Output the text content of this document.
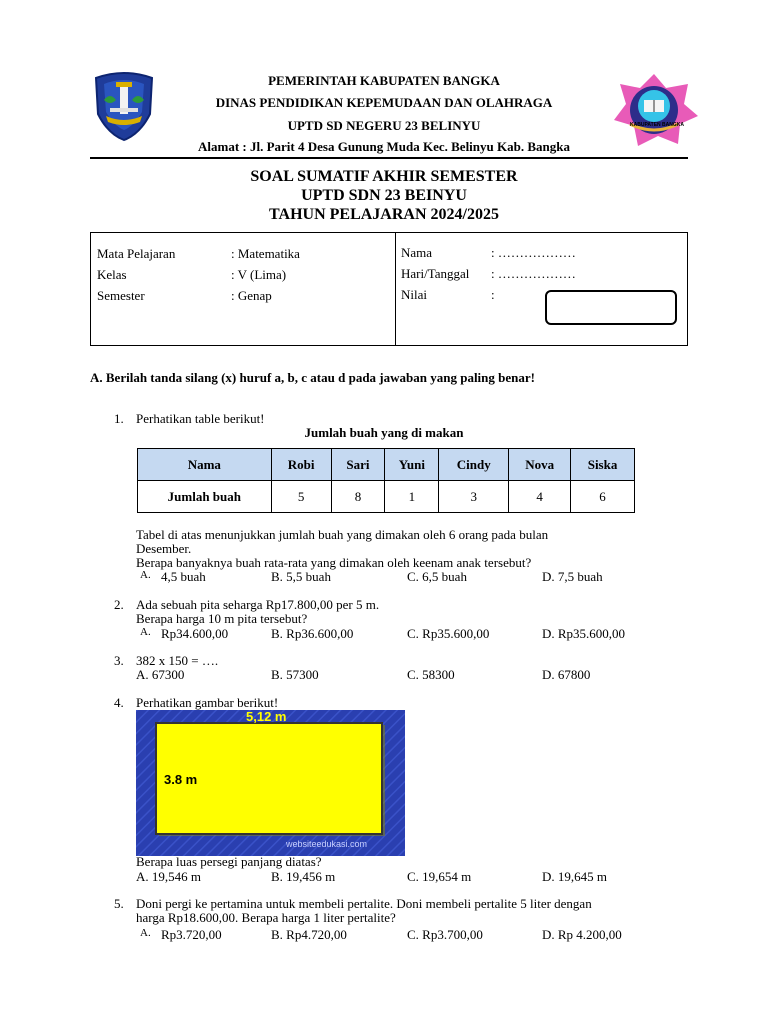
KABUPATEN BANGKA
PEMERINTAH KABUPATEN BANGKA
DINAS PENDIDIKAN KEPEMUDAAN DAN OLAHRAGA
UPTD SD NEGERU 23 BELINYU
Alamat : Jl. Parit 4 Desa Gunung Muda Kec. Belinyu Kab. Bangka
SOAL SUMATIF AKHIR SEMESTER
UPTD SDN 23 BEINYU
TAHUN PELAJARAN 2024/2025
Mata Pelajaran	: Matematika
Kelas	: V (Lima)
Semester	: Genap
Nama	: ………………
Hari/Tanggal : ………………
Nilai	:
A. Berilah tanda silang (x) huruf a, b, c atau d pada jawaban yang paling benar!
1. Perhatikan table berikut!
Jumlah buah yang di makan
Nama	Robi	Sari	Yuni	Cindy	Nova	Siska
Jumlah buah	5	8	1	3	4	6
Tabel di atas menunjukkan jumlah buah yang dimakan oleh 6 orang pada bulan
Desember.
Berapa banyaknya buah rata-rata yang dimakan oleh keenam anak tersebut?
A. 4,5 buah	B. 5,5 buah	C. 6,5 buah	D. 7,5 buah
2. Ada sebuah pita seharga Rp17.800,00 per 5 m.
Berapa harga 10 m pita tersebut?
A. Rp34.600,00	B. Rp36.600,00	C. Rp35.600,00	D. Rp35.600,00
3. 382 x 150 = ….
A. 67300	B. 57300	C. 58300	D. 67800
4. Perhatikan gambar berikut!
5,12 m
3.8 m
websiteedukasi.com
Berapa luas persegi panjang diatas?
A. 19,546 m	B. 19,456 m	C. 19,654 m	D. 19,645 m
5. Doni pergi ke pertamina untuk membeli pertalite. Doni membeli pertalite 5 liter dengan
harga Rp18.600,00. Berapa harga 1 liter pertalite?
A. Rp3.720,00	B. Rp4.720,00	C. Rp3.700,00	D. Rp 4.200,00
